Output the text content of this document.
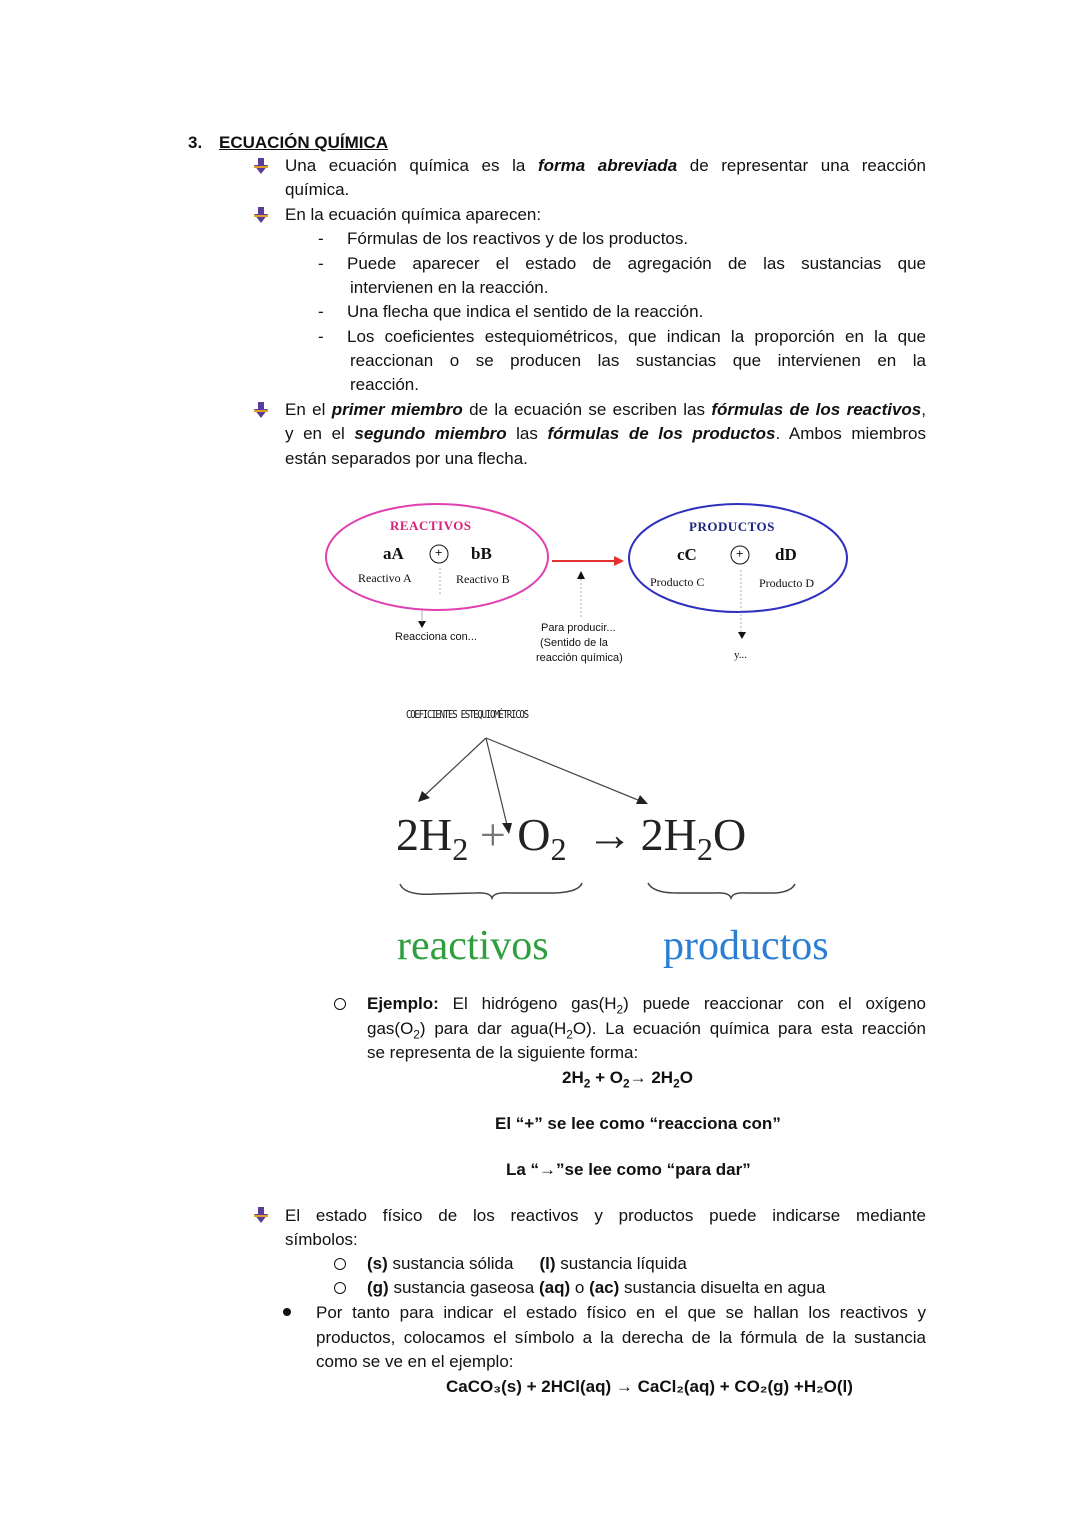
3. ECUACIÓN QUÍMICA
Una ecuación química es la forma abreviada de representar una reacción
química.
En la ecuación química aparecen:
- Fórmulas de los reactivos y de los productos.
- Puede aparecer el estado de agregación de las sustancias que
intervienen en la reacción.
- Una flecha que indica el sentido de la reacción.
- Los coeficientes estequiométricos, que indican la proporción en la que
reaccionan o se producen las sustancias que intervienen en la
reacción.
En el primer miembro de la ecuación se escriben las fórmulas de los reactivos,
y en el segundo miembro las fórmulas de los productos. Ambos miembros
están separados por una flecha.
REACTIVOS	PRODUCTOS
aA + bB	cC	+ dD
Reactivo A	Reactivo B	Producto C	Producto D
Reacciona con...
Para producir...
(Sentido de la
reacción química)	y...
COEFICIENTES ESTEQUIOMÉTRICOS
$2H_2 + O_2 \to 2H_2O$
reactivos	productos
Ejemplo: El hidrógeno $gas(H_2)$ puede reaccionar con el oxígeno
$gas(O_2)$ para dar $agua(H_2O)$. La ecuación química para esta reacción
se representa de la siguiente forma:
$2H_2 + O_2\to 2H_2O$
El “+” se lee como “reacciona con”
La “→”se lee como “para dar”
El estado físico de los reactivos y productos puede indicarse mediante
símbolos:
(s) sustancia sólida (l) sustancia líquida
(g) sustancia gaseosa (aq) o (ac) sustancia disuelta en agua
Por tanto para indicar el estado físico en el que se hallan los reactivos y
productos, colocamos el símbolo a la derecha de la fórmula de la sustancia
como se ve en el ejemplo:
CaCO₃(s) + 2HCl(aq) → CaCl₂(aq) + CO₂(g) +H₂O(l)
